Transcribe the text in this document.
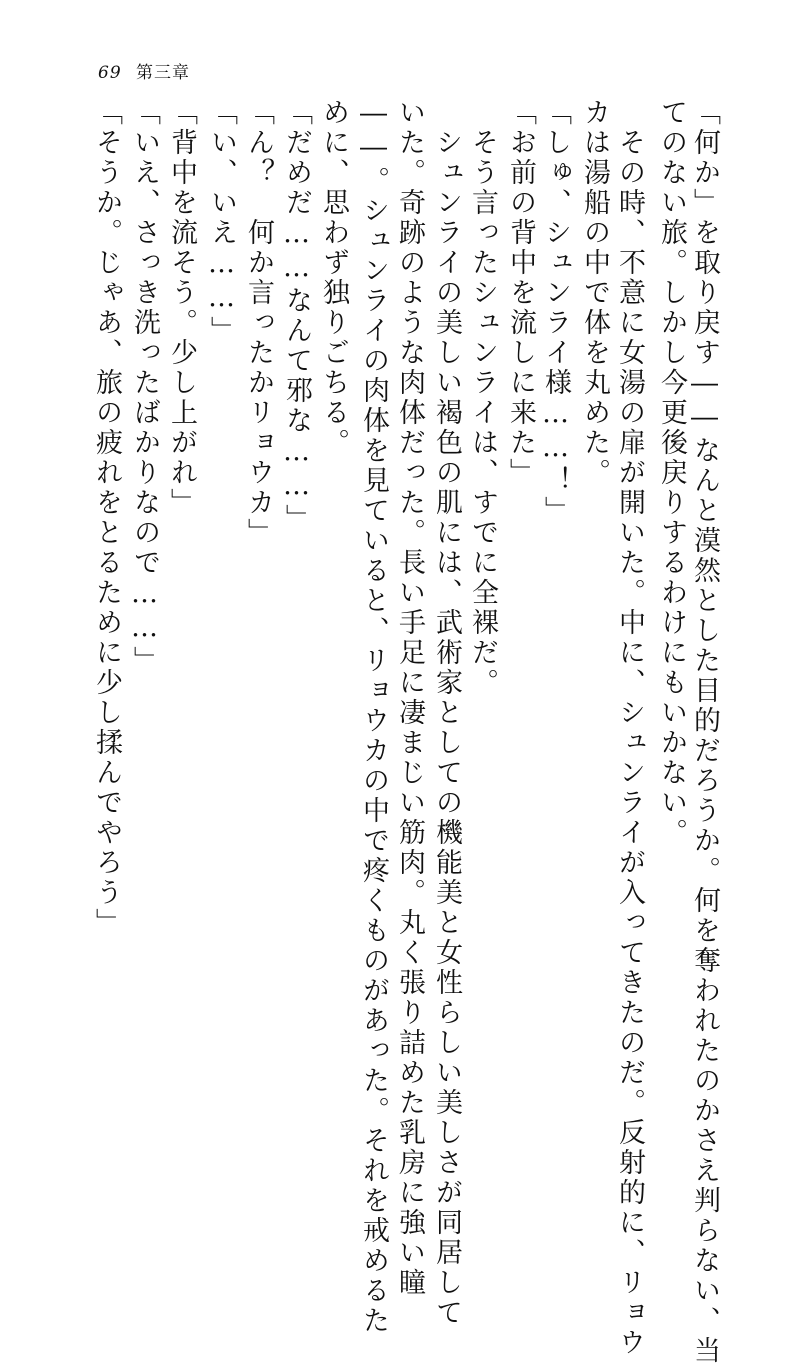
69 第三章
「何か」を取り戻す――なんと漠然とした目的だろうか。何を奪われたのかさえ判らない、当
てのない旅。しかし今更後戻りするわけにもいかない。
　その時、不意に女湯の扉が開いた。中に、シュンライが入ってきたのだ。反射的に、リョウ
カは湯船の中で体を丸めた。
「しゅ、シュンライ様……！」
「お前の背中を流しに来た」
　そう言ったシュンライは、すでに全裸だ。
　シュンライの美しい褐色の肌には、武術家としての機能美と女性らしい美しさが同居して
いた。奇跡のような肉体だった。長い手足に凄まじい筋肉。丸く張り詰めた乳房に強い瞳
――。シュンライの肉体を見ていると、リョウカの中で疼くものがあった。それを戒めるた
めに、思わず独りごちる。
「だめだ……なんて邪な……」
「ん？　何か言ったかリョウカ」
「い、いえ……」
「背中を流そう。少し上がれ」
「いえ、さっき洗ったばかりなので……」
「そうか。じゃあ、旅の疲れをとるために少し揉んでやろう」
